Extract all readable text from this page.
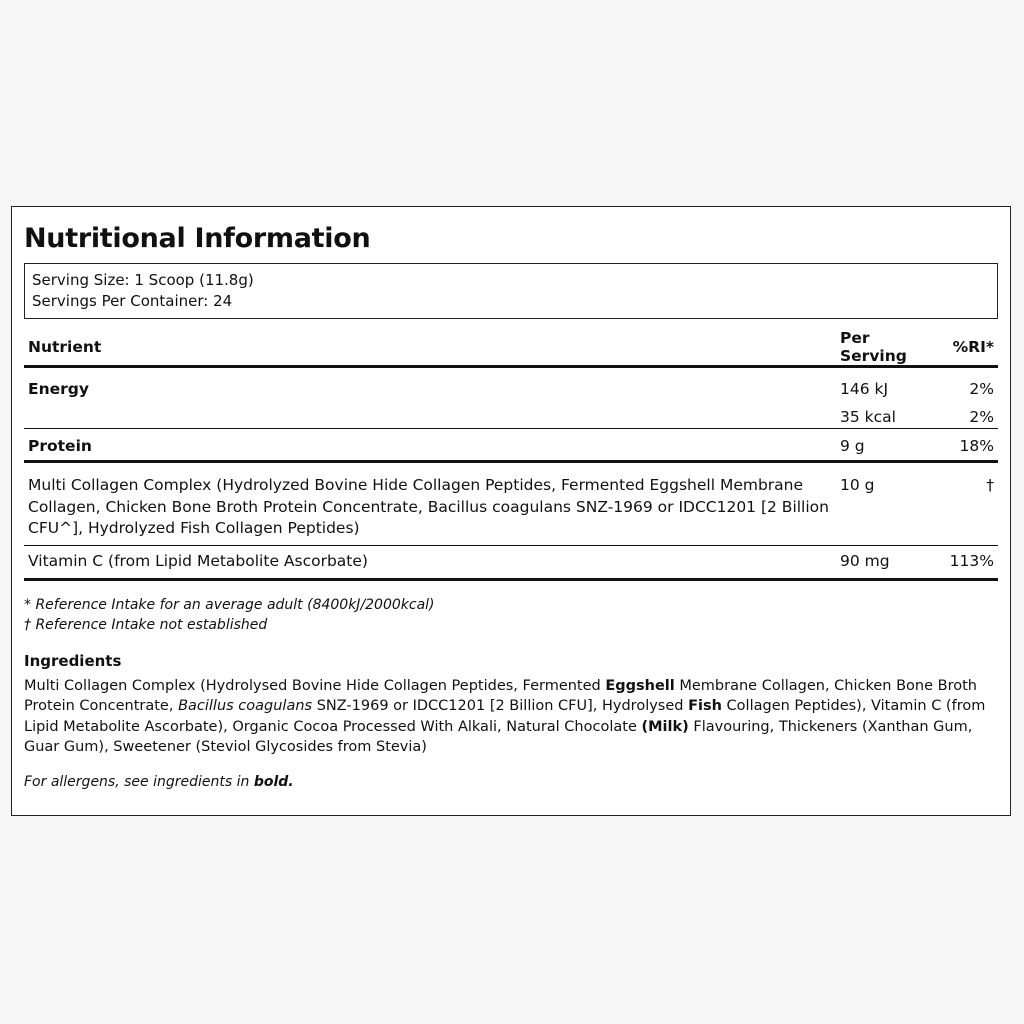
Nutritional Information
Serving Size: 1 Scoop (11.8g)
Servings Per Container: 24
Nutrient	Per Serving	%RI*
Energy	146 kJ	2%
	35 kcal	2%
Protein	9 g	18%
Multi Collagen Complex (Hydrolyzed Bovine Hide Collagen Peptides, Fermented Eggshell Membrane Collagen, Chicken Bone Broth Protein Concentrate, Bacillus coagulans SNZ-1969 or IDCC1201 [2 Billion CFU^], Hydrolyzed Fish Collagen Peptides)	10 g	†
Vitamin C (from Lipid Metabolite Ascorbate)	90 mg	113%
* Reference Intake for an average adult (8400kJ/2000kcal)
† Reference Intake not established
Ingredients
Multi Collagen Complex (Hydrolysed Bovine Hide Collagen Peptides, Fermented Eggshell Membrane Collagen, Chicken Bone Broth Protein Concentrate, Bacillus coagulans SNZ-1969 or IDCC1201 [2 Billion CFU], Hydrolysed Fish Collagen Peptides), Vitamin C (from Lipid Metabolite Ascorbate), Organic Cocoa Processed With Alkali, Natural Chocolate (Milk) Flavouring, Thickeners (Xanthan Gum, Guar Gum), Sweetener (Steviol Glycosides from Stevia)
For allergens, see ingredients in bold.
